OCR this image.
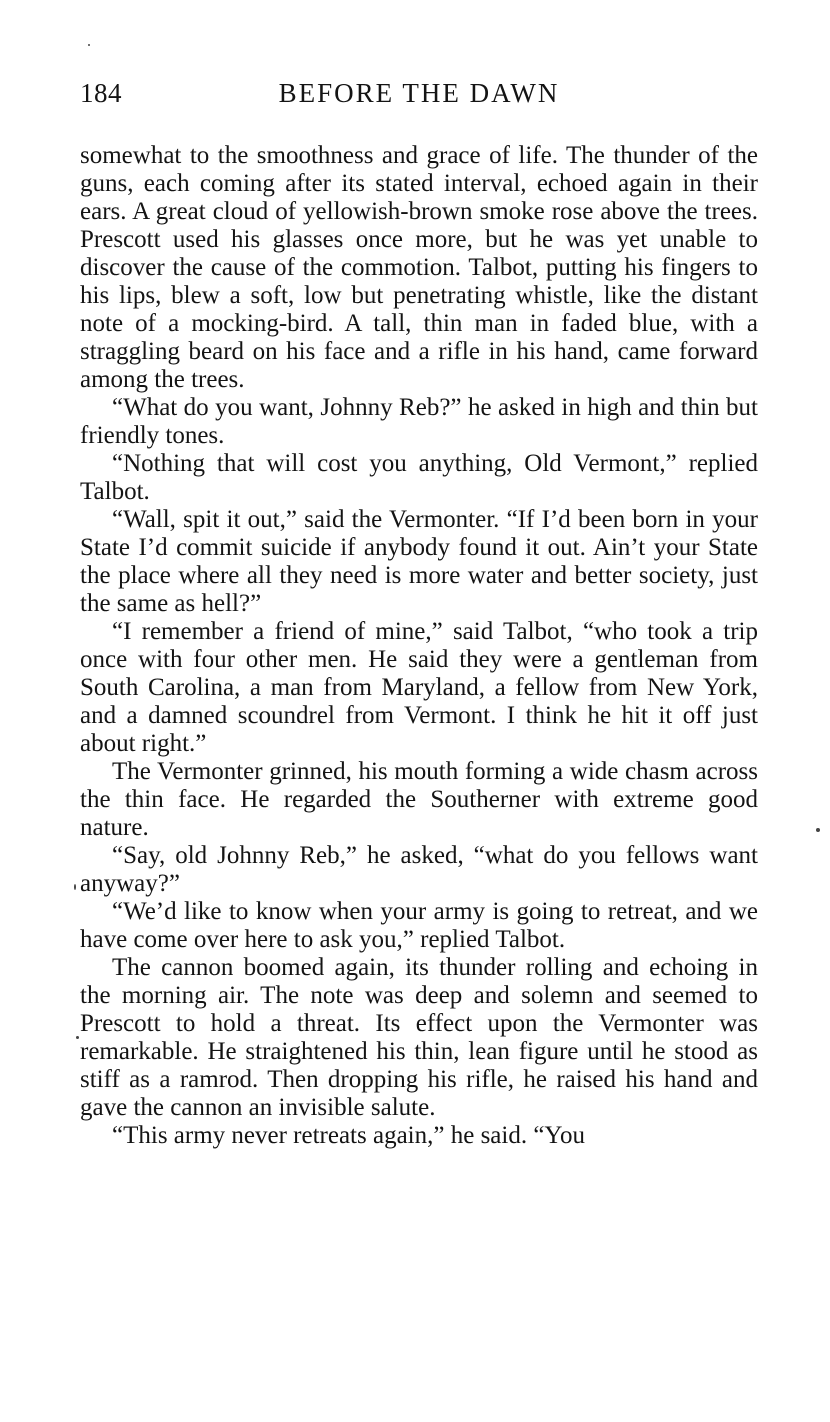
184	BEFORE THE DAWN

somewhat to the smoothness and grace of life. The thunder of the guns, each coming after its stated interval, echoed again in their ears. A great cloud of yellowish-brown smoke rose above the trees. Prescott used his glasses once more, but he was yet unable to discover the cause of the commotion. Talbot, putting his fingers to his lips, blew a soft, low but penetrating whistle, like the distant note of a mocking-bird. A tall, thin man in faded blue, with a straggling beard on his face and a rifle in his hand, came forward among the trees.

“What do you want, Johnny Reb?” he asked in high and thin but friendly tones.

“Nothing that will cost you anything, Old Vermont,” replied Talbot.

“Wall, spit it out,” said the Vermonter. “If I’d been born in your State I’d commit suicide if anybody found it out. Ain’t your State the place where all they need is more water and better society, just the same as hell?”

“I remember a friend of mine,” said Talbot, “who took a trip once with four other men. He said they were a gentleman from South Carolina, a man from Maryland, a fellow from New York, and a damned scoundrel from Vermont. I think he hit it off just about right.”

The Vermonter grinned, his mouth forming a wide chasm across the thin face. He regarded the Southerner with extreme good nature.

“Say, old Johnny Reb,” he asked, “what do you fellows want anyway?”

“We’d like to know when your army is going to retreat, and we have come over here to ask you,” replied Talbot.

The cannon boomed again, its thunder rolling and echoing in the morning air. The note was deep and solemn and seemed to Prescott to hold a threat. Its effect upon the Vermonter was remarkable. He straightened his thin, lean figure until he stood as stiff as a ramrod. Then dropping his rifle, he raised his hand and gave the cannon an invisible salute.

“This army never retreats again,” he said. “You
